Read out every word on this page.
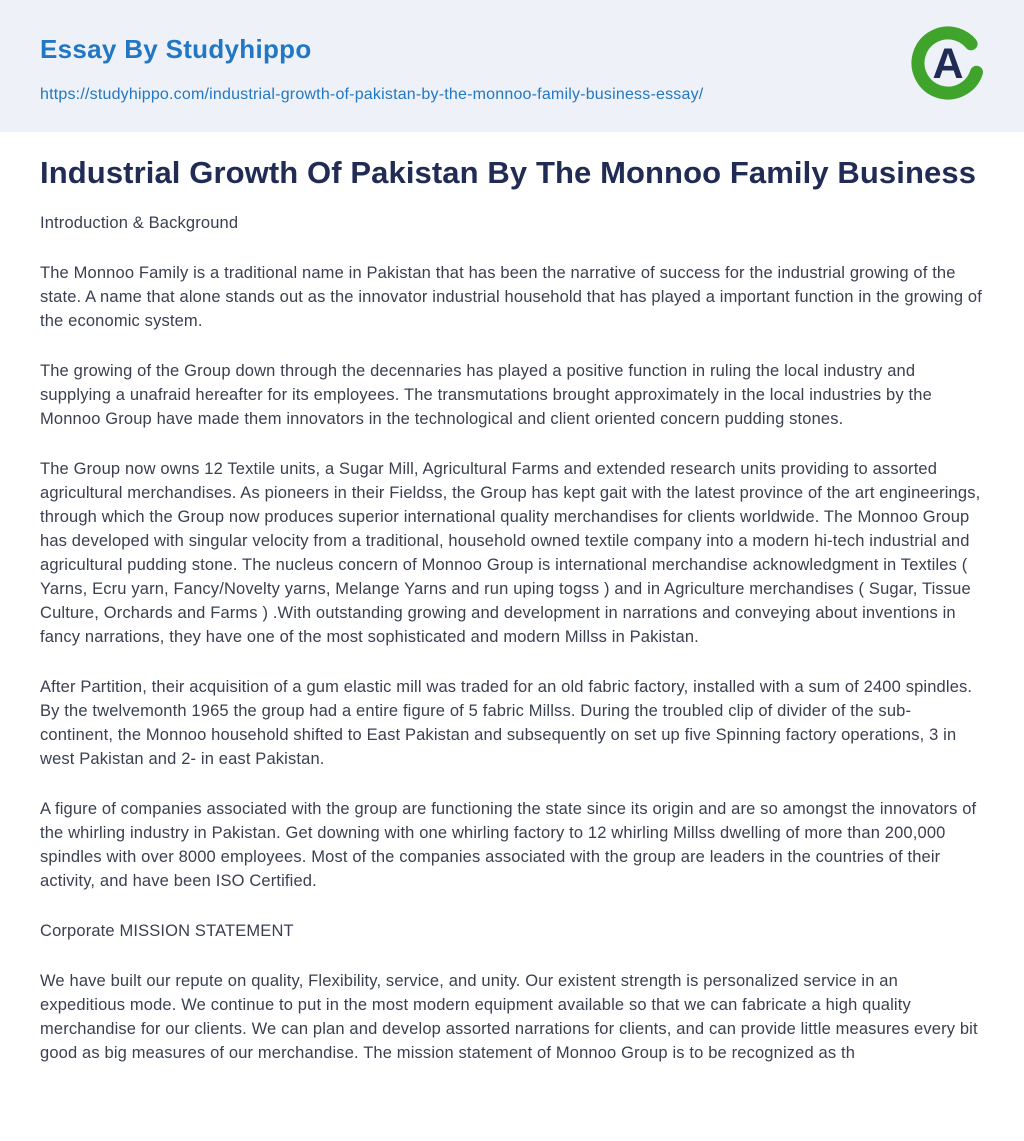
Essay By Studyhippo
https://studyhippo.com/industrial-growth-of-pakistan-by-the-monnoo-family-business-essay/
A
Industrial Growth Of Pakistan By The Monnoo Family Business

Introduction & Background

The Monnoo Family is a traditional name in Pakistan that has been the narrative of success for the industrial growing of the state. A name that alone stands out as the innovator industrial household that has played a important function in the growing of the economic system.

The growing of the Group down through the decennaries has played a positive function in ruling the local industry and supplying a unafraid hereafter for its employees. The transmutations brought approximately in the local industries by the Monnoo Group have made them innovators in the technological and client oriented concern pudding stones.

The Group now owns 12 Textile units, a Sugar Mill, Agricultural Farms and extended research units providing to assorted agricultural merchandises. As pioneers in their Fieldss, the Group has kept gait with the latest province of the art engineerings, through which the Group now produces superior international quality merchandises for clients worldwide. The Monnoo Group has developed with singular velocity from a traditional, household owned textile company into a modern hi-tech industrial and agricultural pudding stone. The nucleus concern of Monnoo Group is international merchandise acknowledgment in Textiles ( Yarns, Ecru yarn, Fancy/Novelty yarns, Melange Yarns and run uping togss ) and in Agriculture merchandises ( Sugar, Tissue Culture, Orchards and Farms ) .With outstanding growing and development in narrations and conveying about inventions in fancy narrations, they have one of the most sophisticated and modern Millss in Pakistan.

After Partition, their acquisition of a gum elastic mill was traded for an old fabric factory, installed with a sum of 2400 spindles. By the twelvemonth 1965 the group had a entire figure of 5 fabric Millss. During the troubled clip of divider of the sub-continent, the Monnoo household shifted to East Pakistan and subsequently on set up five Spinning factory operations, 3 in west Pakistan and 2- in east Pakistan.

A figure of companies associated with the group are functioning the state since its origin and are so amongst the innovators of the whirling industry in Pakistan. Get downing with one whirling factory to 12 whirling Millss dwelling of more than 200,000 spindles with over 8000 employees. Most of the companies associated with the group are leaders in the countries of their activity, and have been ISO Certified.

Corporate MISSION STATEMENT

We have built our repute on quality, Flexibility, service, and unity. Our existent strength is personalized service in an expeditious mode. We continue to put in the most modern equipment available so that we can fabricate a high quality merchandise for our clients. We can plan and develop assorted narrations for clients, and can provide little measures every bit good as big measures of our merchandise. The mission statement of Monnoo Group is to be recognized as th
